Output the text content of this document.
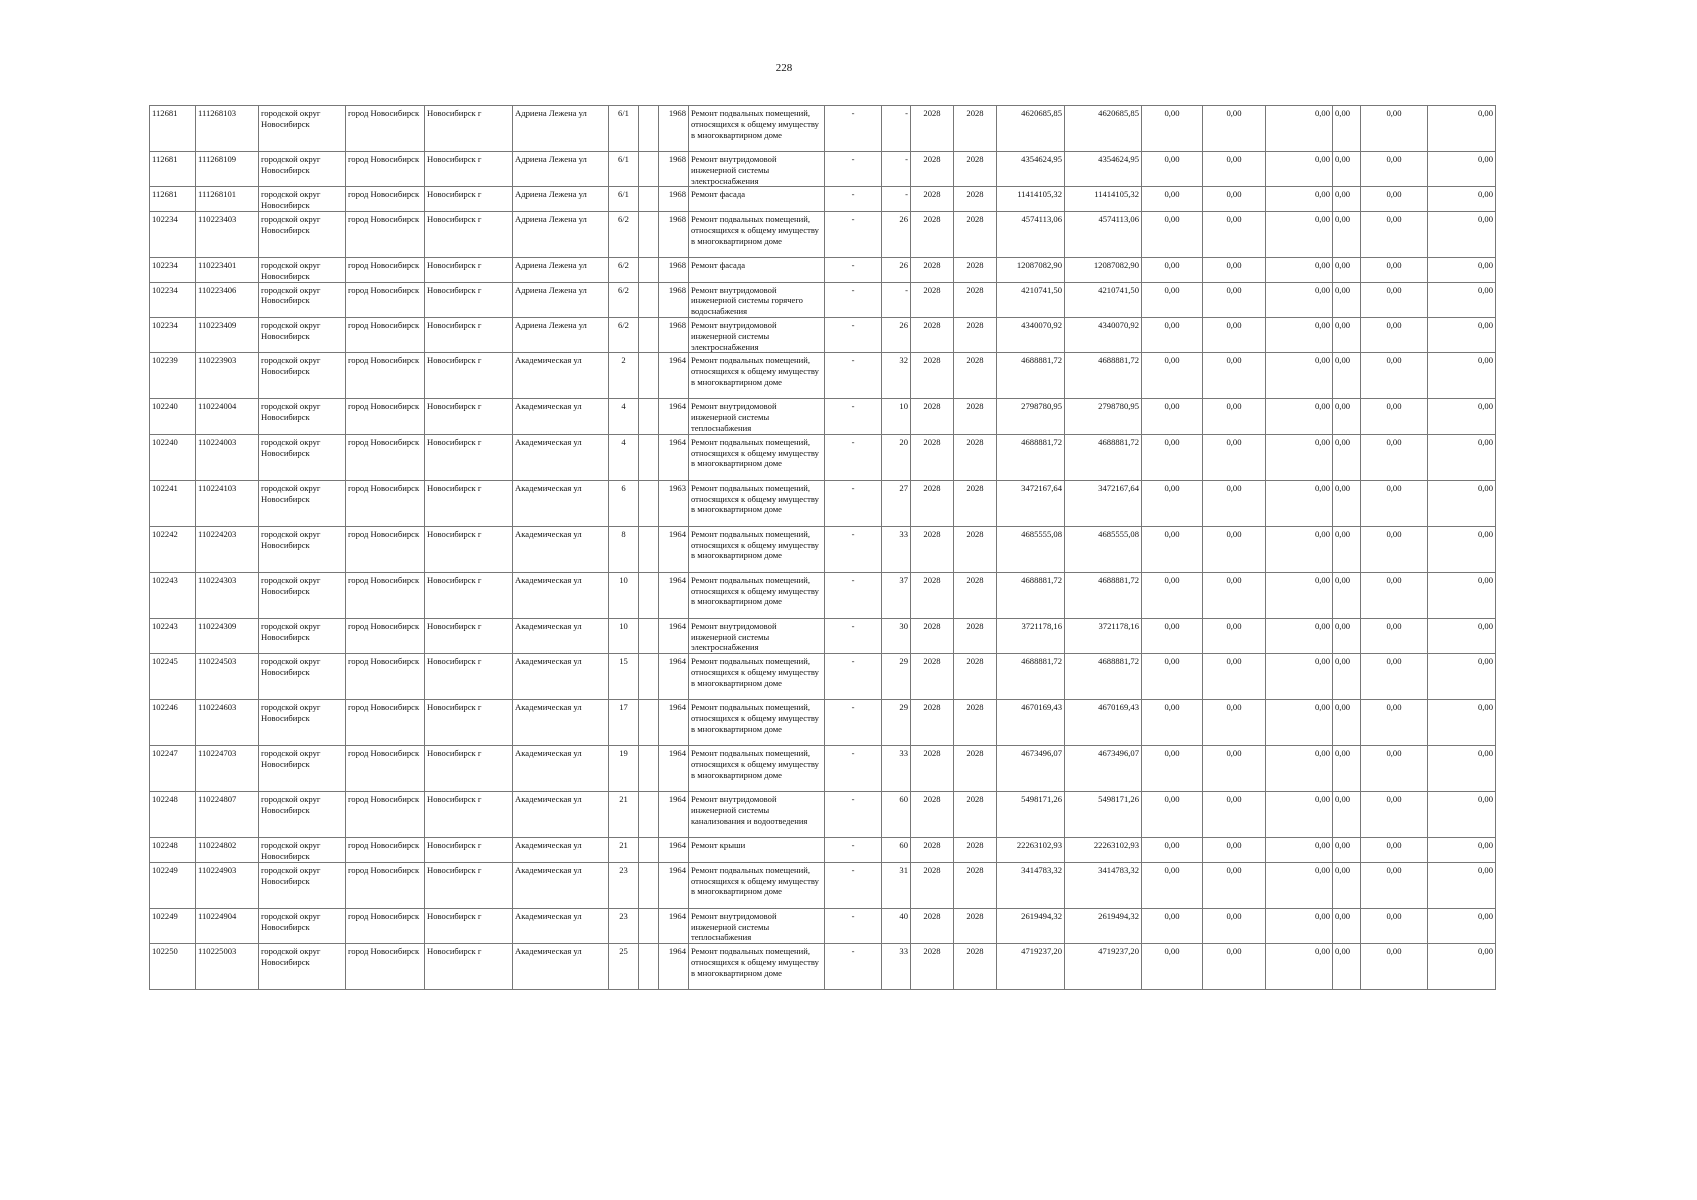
228
112681	111268103	городской округ Новосибирск	город Новосибирск	Новосибирск г	Адриена Лежена ул	6/1		1968	Ремонт подвальных помещений, относящихся к общему имуществу в многоквартирном доме	-	-	2028	2028	4620685,85	4620685,85	0,00	0,00	0,00	0,00	0,00	0,00
112681	111268109	городской округ Новосибирск	город Новосибирск	Новосибирск г	Адриена Лежена ул	6/1		1968	Ремонт внутридомовой инженерной системы электроснабжения	-	-	2028	2028	4354624,95	4354624,95	0,00	0,00	0,00	0,00	0,00	0,00
112681	111268101	городской округ Новосибирск	город Новосибирск	Новосибирск г	Адриена Лежена ул	6/1		1968	Ремонт фасада	-	-	2028	2028	11414105,32	11414105,32	0,00	0,00	0,00	0,00	0,00	0,00
102234	110223403	городской округ Новосибирск	город Новосибирск	Новосибирск г	Адриена Лежена ул	6/2		1968	Ремонт подвальных помещений, относящихся к общему имуществу в многоквартирном доме	-	26	2028	2028	4574113,06	4574113,06	0,00	0,00	0,00	0,00	0,00	0,00
102234	110223401	городской округ Новосибирск	город Новосибирск	Новосибирск г	Адриена Лежена ул	6/2		1968	Ремонт фасада	-	26	2028	2028	12087082,90	12087082,90	0,00	0,00	0,00	0,00	0,00	0,00
102234	110223406	городской округ Новосибирск	город Новосибирск	Новосибирск г	Адриена Лежена ул	6/2		1968	Ремонт внутридомовой инженерной системы горячего водоснабжения	-	-	2028	2028	4210741,50	4210741,50	0,00	0,00	0,00	0,00	0,00	0,00
102234	110223409	городской округ Новосибирск	город Новосибирск	Новосибирск г	Адриена Лежена ул	6/2		1968	Ремонт внутридомовой инженерной системы электроснабжения	-	26	2028	2028	4340070,92	4340070,92	0,00	0,00	0,00	0,00	0,00	0,00
102239	110223903	городской округ Новосибирск	город Новосибирск	Новосибирск г	Академическая ул	2		1964	Ремонт подвальных помещений, относящихся к общему имуществу в многоквартирном доме	-	32	2028	2028	4688881,72	4688881,72	0,00	0,00	0,00	0,00	0,00	0,00
102240	110224004	городской округ Новосибирск	город Новосибирск	Новосибирск г	Академическая ул	4		1964	Ремонт внутридомовой инженерной системы теплоснабжения	-	10	2028	2028	2798780,95	2798780,95	0,00	0,00	0,00	0,00	0,00	0,00
102240	110224003	городской округ Новосибирск	город Новосибирск	Новосибирск г	Академическая ул	4		1964	Ремонт подвальных помещений, относящихся к общему имуществу в многоквартирном доме	-	20	2028	2028	4688881,72	4688881,72	0,00	0,00	0,00	0,00	0,00	0,00
102241	110224103	городской округ Новосибирск	город Новосибирск	Новосибирск г	Академическая ул	6		1963	Ремонт подвальных помещений, относящихся к общему имуществу в многоквартирном доме	-	27	2028	2028	3472167,64	3472167,64	0,00	0,00	0,00	0,00	0,00	0,00
102242	110224203	городской округ Новосибирск	город Новосибирск	Новосибирск г	Академическая ул	8		1964	Ремонт подвальных помещений, относящихся к общему имуществу в многоквартирном доме	-	33	2028	2028	4685555,08	4685555,08	0,00	0,00	0,00	0,00	0,00	0,00
102243	110224303	городской округ Новосибирск	город Новосибирск	Новосибирск г	Академическая ул	10		1964	Ремонт подвальных помещений, относящихся к общему имуществу в многоквартирном доме	-	37	2028	2028	4688881,72	4688881,72	0,00	0,00	0,00	0,00	0,00	0,00
102243	110224309	городской округ Новосибирск	город Новосибирск	Новосибирск г	Академическая ул	10		1964	Ремонт внутридомовой инженерной системы электроснабжения	-	30	2028	2028	3721178,16	3721178,16	0,00	0,00	0,00	0,00	0,00	0,00
102245	110224503	городской округ Новосибирск	город Новосибирск	Новосибирск г	Академическая ул	15		1964	Ремонт подвальных помещений, относящихся к общему имуществу в многоквартирном доме	-	29	2028	2028	4688881,72	4688881,72	0,00	0,00	0,00	0,00	0,00	0,00
102246	110224603	городской округ Новосибирск	город Новосибирск	Новосибирск г	Академическая ул	17		1964	Ремонт подвальных помещений, относящихся к общему имуществу в многоквартирном доме	-	29	2028	2028	4670169,43	4670169,43	0,00	0,00	0,00	0,00	0,00	0,00
102247	110224703	городской округ Новосибирск	город Новосибирск	Новосибирск г	Академическая ул	19		1964	Ремонт подвальных помещений, относящихся к общему имуществу в многоквартирном доме	-	33	2028	2028	4673496,07	4673496,07	0,00	0,00	0,00	0,00	0,00	0,00
102248	110224807	городской округ Новосибирск	город Новосибирск	Новосибирск г	Академическая ул	21		1964	Ремонт внутридомовой инженерной системы канализования и водоотведения	-	60	2028	2028	5498171,26	5498171,26	0,00	0,00	0,00	0,00	0,00	0,00
102248	110224802	городской округ Новосибирск	город Новосибирск	Новосибирск г	Академическая ул	21		1964	Ремонт крыши	-	60	2028	2028	22263102,93	22263102,93	0,00	0,00	0,00	0,00	0,00	0,00
102249	110224903	городской округ Новосибирск	город Новосибирск	Новосибирск г	Академическая ул	23		1964	Ремонт подвальных помещений, относящихся к общему имуществу в многоквартирном доме	-	31	2028	2028	3414783,32	3414783,32	0,00	0,00	0,00	0,00	0,00	0,00
102249	110224904	городской округ Новосибирск	город Новосибирск	Новосибирск г	Академическая ул	23		1964	Ремонт внутридомовой инженерной системы теплоснабжения	-	40	2028	2028	2619494,32	2619494,32	0,00	0,00	0,00	0,00	0,00	0,00
102250	110225003	городской округ Новосибирск	город Новосибирск	Новосибирск г	Академическая ул	25		1964	Ремонт подвальных помещений, относящихся к общему имуществу в многоквартирном доме	-	33	2028	2028	4719237,20	4719237,20	0,00	0,00	0,00	0,00	0,00	0,00
